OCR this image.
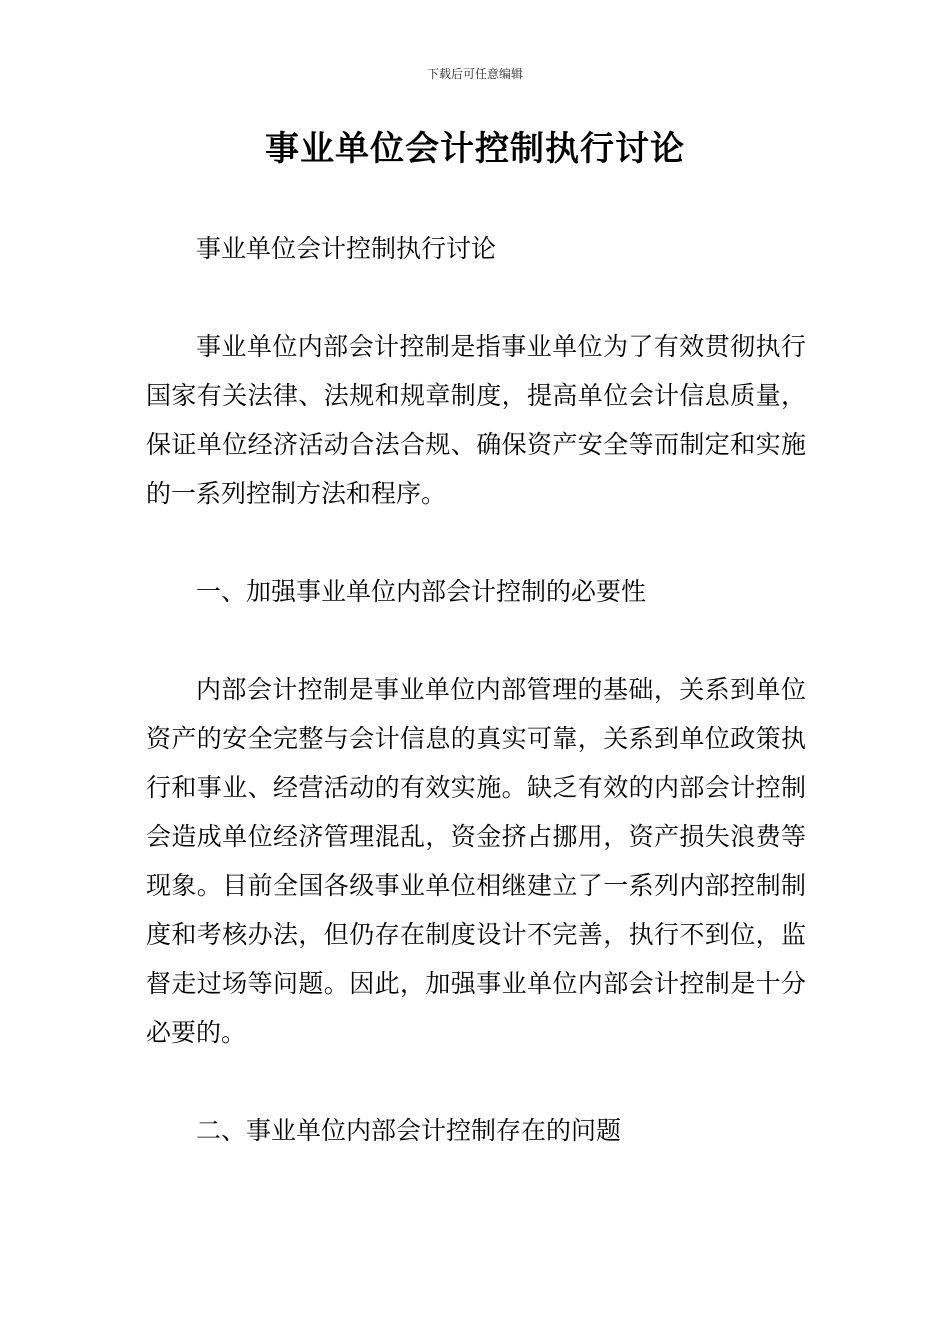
下载后可任意编辑
事业单位会计控制执行讨论

事业单位会计控制执行讨论

事业单位内部会计控制是指事业单位为了有效贯彻执行国家有关法律、法规和规章制度，提高单位会计信息质量，保证单位经济活动合法合规、确保资产安全等而制定和实施的一系列控制方法和程序。

一、加强事业单位内部会计控制的必要性

内部会计控制是事业单位内部管理的基础，关系到单位资产的安全完整与会计信息的真实可靠，关系到单位政策执行和事业、经营活动的有效实施。缺乏有效的内部会计控制会造成单位经济管理混乱，资金挤占挪用，资产损失浪费等现象。目前全国各级事业单位相继建立了一系列内部控制制度和考核办法，但仍存在制度设计不完善，执行不到位，监督走过场等问题。因此，加强事业单位内部会计控制是十分必要的。

二、事业单位内部会计控制存在的问题
